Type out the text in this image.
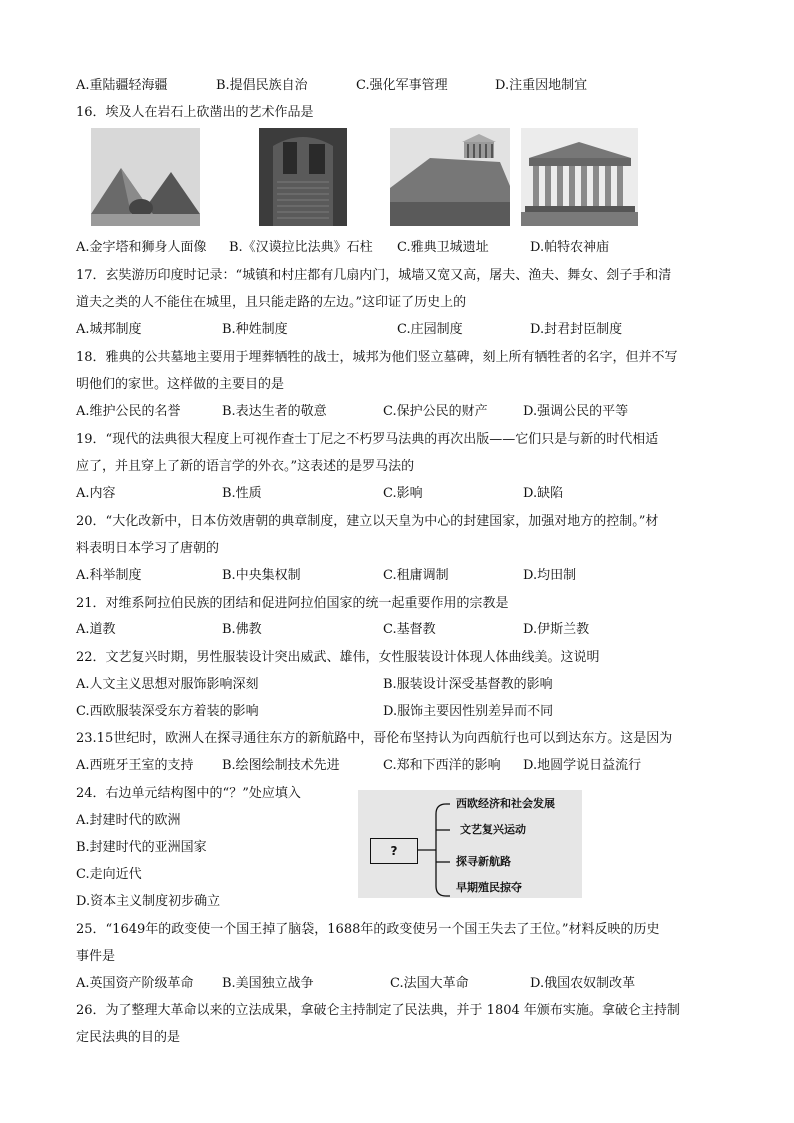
A.重陆疆轻海疆	B.提倡民族自治	C.强化军事管理	D.注重因地制宜
16．埃及人在岩石上砍凿出的艺术作品是
A.金字塔和狮身人面像 B.《汉谟拉比法典》石柱 C.雅典卫城遗址	D.帕特农神庙
17．玄奘游历印度时记录：“城镇和村庄都有几扇内门，城墙又宽又高，屠夫、渔夫、舞女、刽子手和清
道夫之类的人不能住在城里，且只能走路的左边。”这印证了历史上的
A.城邦制度	B.种姓制度	C.庄园制度	D.封君封臣制度
18．雅典的公共墓地主要用于埋葬牺牲的战士，城邦为他们竖立墓碑，刻上所有牺牲者的名字，但并不写
明他们的家世。这样做的主要目的是
A.维护公民的名誉	B.表达生者的敬意	C.保护公民的财产	D.强调公民的平等
19．“现代的法典很大程度上可视作查士丁尼之不朽罗马法典的再次出版——它们只是与新的时代相适
应了，并且穿上了新的语言学的外衣。”这表述的是罗马法的
A.内容	B.性质	C.影响	D.缺陷
20．“大化改新中，日本仿效唐朝的典章制度，建立以天皇为中心的封建国家，加强对地方的控制。”材
料表明日本学习了唐朝的
A.科举制度	B.中央集权制	C.租庸调制	D.均田制
21．对维系阿拉伯民族的团结和促进阿拉伯国家的统一起重要作用的宗教是
A.道教	B.佛教	C.基督教	D.伊斯兰教
22．文艺复兴时期，男性服装设计突出威武、雄伟，女性服装设计体现人体曲线美。这说明
A.人文主义思想对服饰影响深刻	B.服装设计深受基督教的影响
C.西欧服装深受东方着装的影响	D.服饰主要因性别差异而不同
23.15世纪时，欧洲人在探寻通往东方的新航路中，哥伦布坚持认为向西航行也可以到达东方。这是因为
A.西班牙王室的支持 B.绘图绘制技术先进	C.郑和下西洋的影响 D.地圆学说日益流行
24．右边单元结构图中的“？”处应填入
A.封建时代的欧洲
B.封建时代的亚洲国家
C.走向近代
D.资本主义制度初步确立
?
西欧经济和社会发展
文艺复兴运动
探寻新航路
早期殖民掠夺
25．“1649年的政变使一个国王掉了脑袋，1688年的政变使另一个国王失去了王位。”材料反映的历史
事件是
A.英国资产阶级革命 B.美国独立战争	C.法国大革命	D.俄国农奴制改革
26．为了整理大革命以来的立法成果，拿破仑主持制定了民法典，并于 1804 年颁布实施。拿破仑主持制
定民法典的目的是
